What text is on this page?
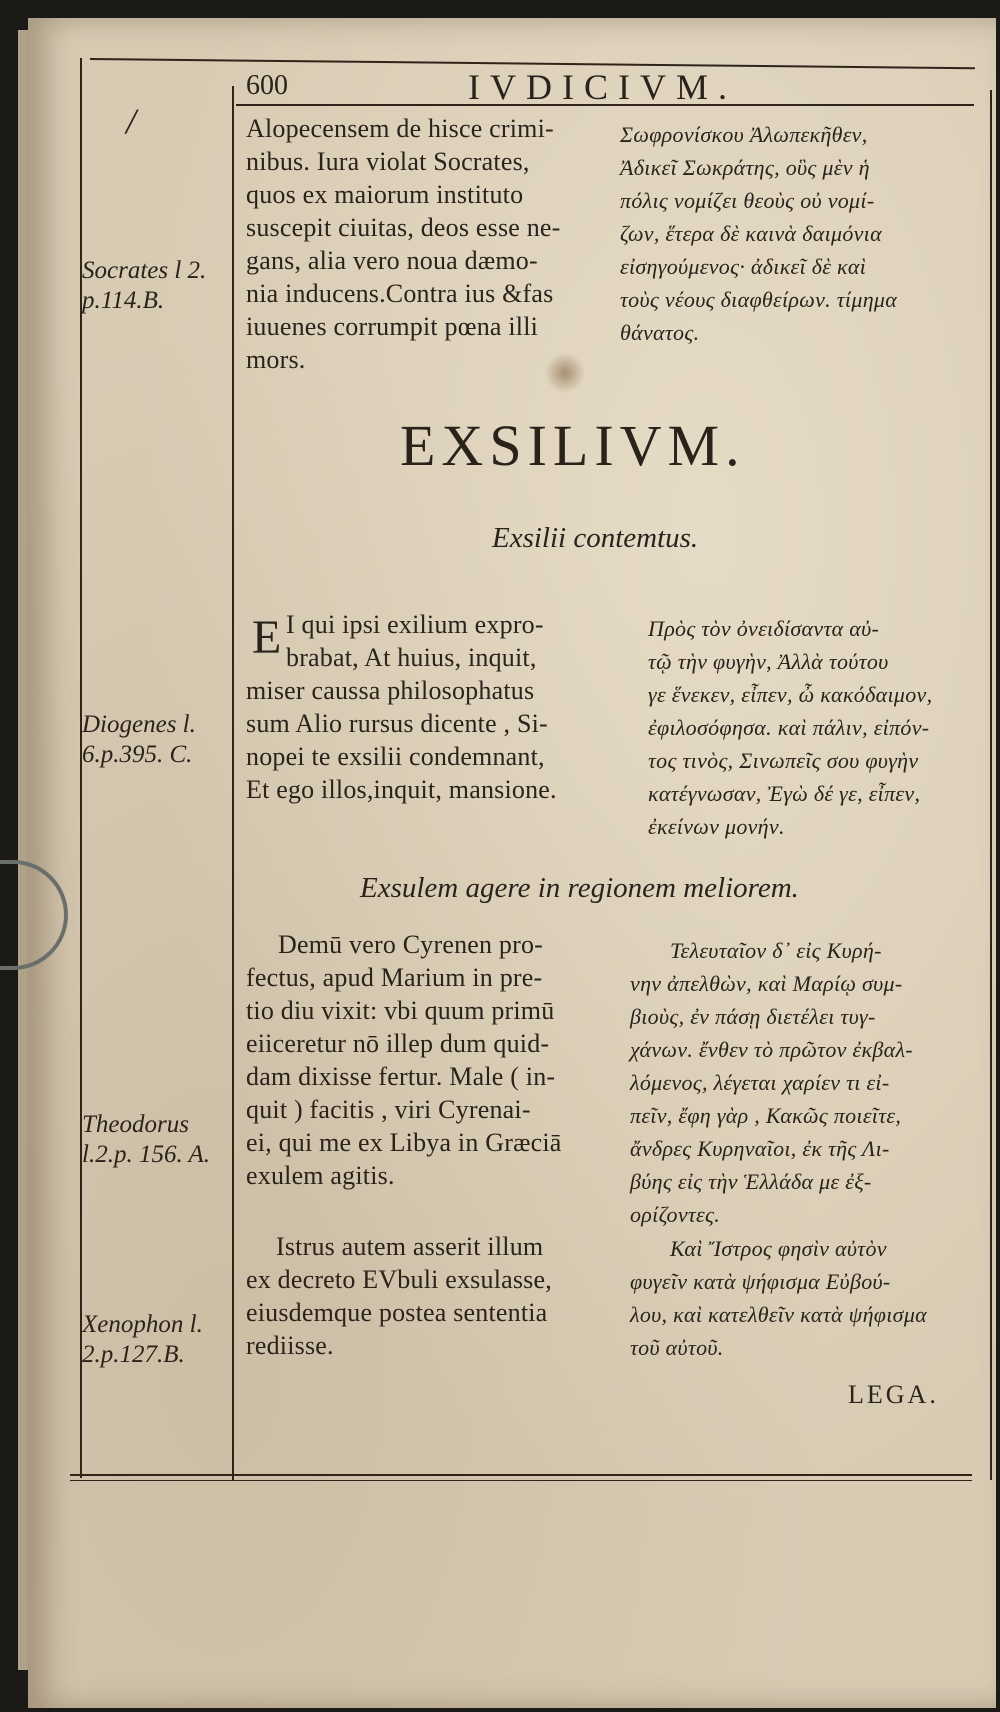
600	IVDICIVM.
/	Alopecensem de hisce crimi-
nibus. Iura violat Socrates,
quos ex maiorum instituto
suscepit ciuitas, deos esse ne-
gans, alia vero noua dæmo-
nia inducens.Contra ius &fas
iuuenes corrumpit pœna illi
mors.
Σωφρονίσκου Ἀλωπεκῆθεν,
Ἀδικεῖ Σωκράτης, οὓς μὲν ἡ
πόλις νομίζει θεοὺς οὐ νομί-
ζων, ἕτερα δὲ καινὰ δαιμόνια
εἰσηγούμενος· ἀδικεῖ δὲ καὶ
τοὺς νέους διαφθείρων. τίμημα
θάνατος.
Socrates l 2.
p.114.B.
EXSILIVM.
Exsilii contemtus.
E I qui ipsi exilium expro-
brabat, At huius, inquit,
miser caussa philosophatus
sum Alio rursus dicente , Si-
nopei te exsilii condemnant,
Et ego illos,inquit, mansione.
Πρὸς τὸν ὀνειδίσαντα αὐ-
τῷ τὴν φυγὴν, Ἀλλὰ τούτου
γε ἕνεκεν, εἶπεν, ὦ κακόδαιμον,
ἐφιλοσόφησα. καὶ πάλιν, εἰπόν-
τος τινὸς, Σινωπεῖς σου φυγὴν
κατέγνωσαν, Ἐγὼ δέ γε, εἶπεν,
ἐκείνων μονήν.
Diogenes l.
6.p.395. C.
Exsulem agere in regionem meliorem.
Demū vero Cyrenen pro-
fectus, apud Marium in pre-
tio diu vixit: vbi quum primū
eiiceretur nō illep dum quid-
dam dixisse fertur. Male ( in-
quit ) facitis , viri Cyrenai-
ei, qui me ex Libya in Græciā
exulem agitis.
Τελευταῖον δ᾽ εἰς Κυρή-
νην ἀπελθὼν, καὶ Μαρίῳ συμ-
βιοὺς, ἐν πάσῃ διετέλει τυγ-
χάνων. ἔνθεν τὸ πρῶτον ἐκβαλ-
λόμενος, λέγεται χαρίεν τι εἰ-
πεῖν, ἔφη γὰρ , Κακῶς ποιεῖτε,
ἄνδρες Κυρηναῖοι, ἐκ τῆς Λι-
βύης εἰς τὴν Ἑλλάδα με ἐξ-
ορίζοντες.
Theodorus
l.2.p. 156. A.
Istrus autem asserit illum
ex decreto EVbuli exsulasse,
eiusdemque postea sententia
rediisse.
Καὶ Ἴστρος φησὶν αὐτὸν
φυγεῖν κατὰ ψήφισμα Εὐβού-
λου, καὶ κατελθεῖν κατὰ ψήφισμα
τοῦ αὐτοῦ.
Xenophon l.
2.p.127.B.
LEGA.
